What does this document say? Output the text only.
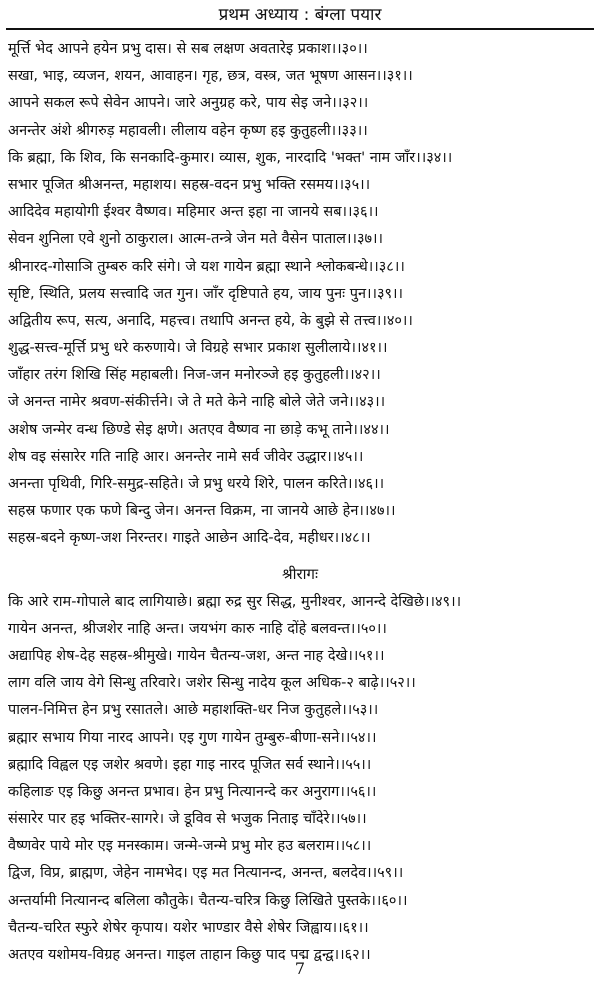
प्रथम अध्याय : बंग्ला पयार
मूर्त्ति भेद आपने हयेन प्रभु दास। से सब लक्षण अवतारेइ प्रकाश।।३०।।
सखा, भाइ, व्यजन, शयन, आवाहन। गृह, छत्र, वस्त्र, जत भूषण आसन।।३१।।
आपने सकल रूपे सेवेन आपने। जारे अनुग्रह करे, पाय सेइ जने।।३२।।
अनन्तेर अंशे श्रीगरुड़ महावली। लीलाय वहेन कृष्ण हइ कुतुहली।।३३।।
कि ब्रह्मा, कि शिव, कि सनकादि-कुमार। व्यास, शुक, नारदादि 'भक्त' नाम जाँर।।३४।।
सभार पूजित श्रीअनन्त, महाशय। सहस्र-वदन प्रभु भक्ति रसमय।।३५।।
आदिदेव महायोगी ईश्वर वैष्णव। महिमार अन्त इहा ना जानये सब।।३६।।
सेवन शुनिला एवे शुनो ठाकुराल। आत्म-तन्त्रे जेन मते वैसेन पाताल।।३७।।
श्रीनारद-गोसाञि तुम्बरु करि संगे। जे यश गायेन ब्रह्मा स्थाने श्लोकबन्धे।।३८।।
सृष्टि, स्थिति, प्रलय सत्त्वादि जत गुन। जाँर दृष्टिपाते हय, जाय पुनः पुन।।३९।।
अद्वितीय रूप, सत्य, अनादि, महत्त्व। तथापि अनन्त हये, के बुझे से तत्त्व।।४०।।
शुद्ध-सत्त्व-मूर्त्ति प्रभु धरे करुणाये। जे विग्रहे सभार प्रकाश सुलीलाये।।४१।।
जाँहार तरंग शिखि सिंह महाबली। निज-जन मनोरञ्जे हइ कुतुहली।।४२।।
जे अनन्त नामेर श्रवण-संकीर्त्तने। जे ते मते केने नाहि बोले जेते जने।।४३।।
अशेष जन्मेर वन्ध छिण्डे सेइ क्षणे। अतएव वैष्णव ना छाड़े कभू ताने।।४४।।
शेष वइ संसारेर गति नाहि आर। अनन्तेर नामे सर्व जीवेर उद्धार।।४५।।
अनन्ता पृथिवी, गिरि-समुद्र-सहिते। जे प्रभु धरये शिरे, पालन करिते।।४६।।
सहस्र फणार एक फणे बिन्दु जेन। अनन्त विक्रम, ना जानये आछे हेन।।४७।।
सहस्र-बदने कृष्ण-जश निरन्तर। गाइते आछेन आदि-देव, महीधर।।४८।।
श्रीरागः
कि आरे राम-गोपाले बाद लागियाछे। ब्रह्मा रुद्र सुर सिद्ध, मुनीश्वर, आनन्दे देखिछे।।४९।।
गायेन अनन्त, श्रीजशेर नाहि अन्त। जयभंग कारु नाहि दोंहे बलवन्त।।५०।।
अद्यापिह शेष-देह सहस्र-श्रीमुखे। गायेन चैतन्य-जश, अन्त नाह देखे।।५१।।
लाग वलि जाय वेगे सिन्धु तरिवारे। जशेर सिन्धु नादेय कूल अधिक-२ बाढ़े।।५२।।
पालन-निमित्त हेन प्रभु रसातले। आछे महाशक्ति-धर निज कुतुहले।।५३।।
ब्रह्मार सभाय गिया नारद आपने। एइ गुण गायेन तुम्बुरु-बीणा-सने।।५४।।
ब्रह्मादि विह्वल एइ जशेर श्रवणे। इहा गाइ नारद पूजित सर्व स्थाने।।५५।।
कहिलाङ एइ किछु अनन्त प्रभाव। हेन प्रभु नित्यानन्दे कर अनुराग।।५६।।
संसारेर पार हइ भक्तिर-सागरे। जे डूविव से भजुक निताइ चाँदेरे।।५७।।
वैष्णवेर पाये मोर एइ मनस्काम। जन्मे-जन्मे प्रभु मोर हउ बलराम।।५८।।
द्विज, विप्र, ब्राह्मण, जेहेन नामभेद। एइ मत नित्यानन्द, अनन्त, बलदेव।।५९।।
अन्तर्यामी नित्यानन्द बलिला कौतुके। चैतन्य-चरित्र किछु लिखिते पुस्तके।।६०।।
चैतन्य-चरित स्फुरे शेषेर कृपाय। यशेर भाण्डार वैसे शेषेर जिह्वाय।।६१।।
अतएव यशोमय-विग्रह अनन्त। गाइल ताहान किछु पाद पद्म द्वन्द्व।।६२।।
7
